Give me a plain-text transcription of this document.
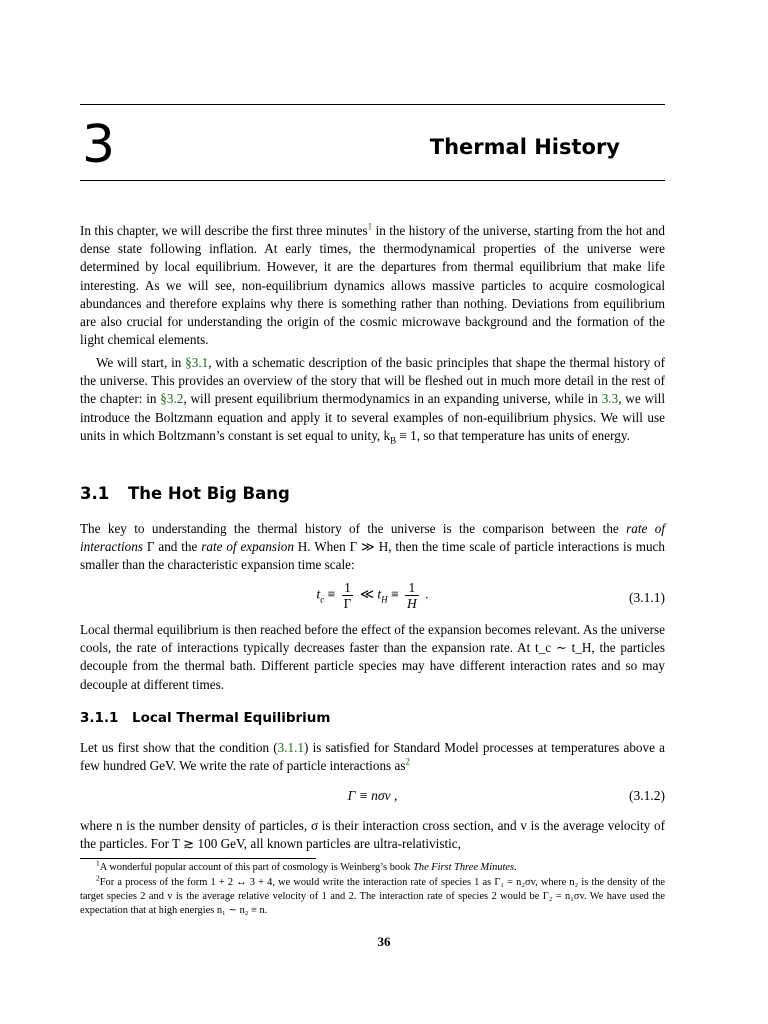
3	Thermal History

In this chapter, we will describe the first three minutes$^1$ in the history of the universe, starting from the hot and dense state following inflation. At early times, the thermodynamical properties of the universe were determined by local equilibrium. However, it are the departures from thermal equilibrium that make life interesting. As we will see, non-equilibrium dynamics allows massive particles to acquire cosmological abundances and therefore explains why there is something rather than nothing. Deviations from equilibrium are also crucial for understanding the origin of the cosmic microwave background and the formation of the light chemical elements.

We will start, in §3.1, with a schematic description of the basic principles that shape the thermal history of the universe. This provides an overview of the story that will be fleshed out in much more detail in the rest of the chapter: in §3.2, will present equilibrium thermodynamics in an expanding universe, while in 3.3, we will introduce the Boltzmann equation and apply it to several examples of non-equilibrium physics. We will use units in which Boltzmann’s constant is set equal to unity, $k_B \equiv 1$, so that temperature has units of energy.

3.1 The Hot Big Bang

The key to understanding the thermal history of the universe is the comparison between the rate of interactions Γ and the rate of expansion H. When Γ ≫ H, then the time scale of particle interactions is much smaller than the characteristic expansion time scale:

$t_c \equiv \frac{1}{\Gamma}$ ≪ $t_H \equiv \frac{1}{H}$ .	(3.1.1)

Local thermal equilibrium is then reached before the effect of the expansion becomes relevant. As the universe cools, the rate of interactions typically decreases faster than the expansion rate. At t_c ∼ t_H, the particles decouple from the thermal bath. Different particle species may have different interaction rates and so may decouple at different times.

3.1.1 Local Thermal Equilibrium

Let us first show that the condition (3.1.1) is satisfied for Standard Model processes at temperatures above a few hundred GeV. We write the rate of particle interactions $as^2$

Γ ≡ nσv ,	(3.1.2)

where n is the number density of particles, σ is their interaction cross section, and v is the average velocity of the particles. For T ≳ 100 GeV, all known particles are ultra-relativistic,

$^1$A wonderful popular account of this part of cosmology is Weinberg’s book The First Three Minutes.

$^2$For a process of the form 1 + 2 ↔ 3 + 4, we would write the interaction rate of species 1 as Γ₁ = n₂σv, where n₂ is the density of the target species 2 and v is the average relative velocity of 1 and 2. The interaction rate of species 2 would be Γ₂ = n₁σv. We have used the expectation that at high energies n₁ ∼ n₂ ≡ n.

36
